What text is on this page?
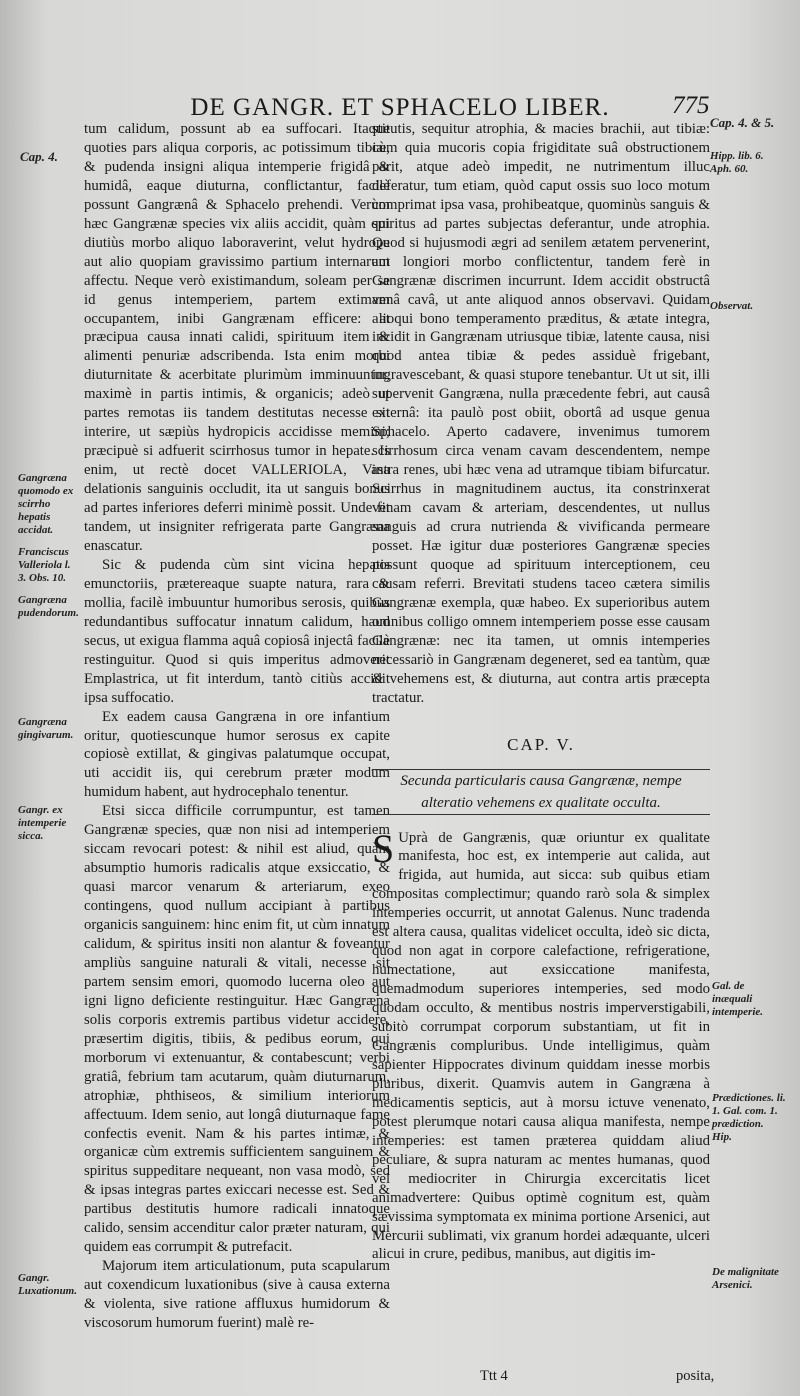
DE GANGR. ET SPHACELO LIBER.	775
Cap. 4.
Gangræna quomodo ex scirrho hepatis accidat.
Franciscus Valleriola l. 3. Obs. 10.
Gangræna pudendorum.
Gangræna gingivarum.
Gangr. ex intemperie sicca.
Gangr. Luxationum.
Cap. 4. & 5.
Hipp. lib. 6. Aph. 60.
Observat.
Gal. de inæquali intemperie.
Prædictiones. li. 1. Gal. com. 1. prædiction. Hip.
De malignitate Arsenici.

tum calidum, possunt ab ea suffocari. Itaque quoties pars aliqua corporis, ac potissimum tibiæ, & pudenda insigni aliqua intemperie frigidâ & humidâ, eaque diuturna, conflictantur, facilè possunt Gangrænâ & Sphacelo prehendi. Verùm hæc Gangrænæ species vix aliis accidit, quàm qui diutiùs morbo aliquo laboraverint, velut hydrope aut alio quopiam gravissimo partium internarum affectu. Neque verò existimandum, soleam per se id genus intemperiem, partem extimam occupantem, inibi Gangrænam efficere: at præcipua causa innati calidi, spirituum item & alimenti penuriæ adscribenda. Ista enim morbi diuturnitate & acerbitate plurimùm imminuuntur, maximè in partis intimis, & organicis; adeò ut partes remotas iis tandem destitutas necesse sit interire, ut sæpiùs hydropicis accidisse memini; præcipuè si adfuerit scirrhosus tumor in hepate. Is enim, ut rectè docet VALLERIOLA, Vasa delationis sanguinis occludit, ita ut sanguis bonus ad partes inferiores deferri minimè possit. Unde fit tandem, ut insigniter refrigerata parte Gangræna enascatur.

Sic & pudenda cùm sint vicina hepatis emunctoriis, prætereaque suapte natura, rara & mollia, facilè imbuuntur humoribus serosis, quibus redundantibus suffocatur innatum calidum, haud secus, ut exigua flamma aquâ copiosâ injectâ facilè restinguitur. Quod si quis imperitus admoverit Emplastrica, ut fit interdum, tantò citiùs accidit ipsa suffocatio.

Ex eadem causa Gangræna in ore infantium oritur, quotiescunque humor serosus ex capite copiosè extillat, & gingivas palatumque occupat, uti accidit iis, qui cerebrum præter modum humidum habent, aut hydrocephalo tenentur.

Etsi sicca difficile corrumpuntur, est tamen Gangrænæ species, quæ non nisi ad intemperiem siccam revocari potest: & nihil est aliud, quàm absumptio humoris radicalis atque exsiccatio, & quasi marcor venarum & arteriarum, exeo contingens, quod nullum accipiant à partibus organicis sanguinem: hinc enim fit, ut cùm innatum calidum, & spiritus insiti non alantur & foveantur ampliùs sanguine naturali & vitali, necesse sit partem sensim emori, quomodo lucerna oleo aut igni ligno deficiente restinguitur. Hæc Gangræna solis corporis extremis partibus videtur accidere, præsertim digitis, tibiis, & pedibus eorum, qui morborum vi extenuantur, & contabescunt; verbi gratiâ, febrium tam acutarum, quàm diuturnarum, atrophiæ, phthiseos, & similium interiorum affectuum. Idem senio, aut longâ diuturnaque fame confectis evenit. Nam & his partes intimæ, & organicæ cùm extremis sufficientem sanguinem & spiritus suppeditare nequeant, non vasa modò, sed & ipsas integras partes exiccari necesse est. Sed & partibus destitutis humore radicali innatoque calido, sensim accenditur calor præter naturam, qui quidem eas corrumpit & putrefacit.

Majorum item articulationum, puta scapularum aut coxendicum luxationibus (sive à causa externa & violenta, sive ratione affluxus humidorum & viscosorum humorum fuerint) malè re-

stitutis, sequitur atrophia, & macies brachii, aut tibiæ: cùm quia mucoris copia frigiditate suâ obstructionem parit, atque adeò impedit, ne nutrimentum illuc deferatur, tum etiam, quòd caput ossis suo loco motum comprimat ipsa vasa, prohibeatque, quominùs sanguis & spiritus ad partes subjectas deferantur, unde atrophia. Quod si hujusmodi ægri ad senilem ætatem pervenerint, aut longiori morbo conflictentur, tandem ferè in Gangrænæ discrimen incurrunt. Idem accidit obstructâ venâ cavâ, ut ante aliquod annos observavi. Quidam alioqui bono temperamento præditus, & ætate integra, incidit in Gangrænam utriusque tibiæ, latente causa, nisi quod antea tibiæ & pedes assiduè frigebant, ingravescebant, & quasi stupore tenebantur. Ut ut sit, illi supervenit Gangræna, nulla præcedente febri, aut causâ externâ: ita paulò post obiit, obortâ ad usque genua Sphacelo. Aperto cadavere, invenimus tumorem scirrhosum circa venam cavam descendentem, nempe intra renes, ubi hæc vena ad utramque tibiam bifurcatur. Scirrhus in magnitudinem auctus, ita constrinxerat venam cavam & arteriam, descendentes, ut nullus sanguis ad crura nutrienda & vivificanda permeare posset. Hæ igitur duæ posteriores Gangrænæ species possunt quoque ad spirituum interceptionem, ceu causam referri. Brevitati studens taceo cætera similis Gangrænæ exempla, quæ habeo. Ex superioribus autem omnibus colligo omnem intemperiem posse esse causam Gangrænæ: nec ita tamen, ut omnis intemperies necessariò in Gangrænam degeneret, sed ea tantùm, quæ & vehemens est, & diuturna, aut contra artis præcepta tractatur.

CAP. V.
Secunda particularis causa Gangrænæ, nempe alteratio vehemens ex qualitate occulta.

S Uprà de Gangrænis, quæ oriuntur ex qualitate manifesta, hoc est, ex intemperie aut calida, aut frigida, aut humida, aut sicca: sub quibus etiam compositas complectimur; quando rarò sola & simplex intemperies occurrit, ut annotat Galenus. Nunc tradenda est altera causa, qualitas videlicet occulta, ideò sic dicta, quod non agat in corpore calefactione, refrigeratione, humectatione, aut exsiccatione manifesta, quemadmodum superiores intemperies, sed modo quodam occulto, & mentibus nostris imperverstigabili, subitò corrumpat corporum substantiam, ut fit in Gangrænis compluribus. Unde intelligimus, quàm sapienter Hippocrates divinum quiddam inesse morbis pluribus, dixerit. Quamvis autem in Gangræna à medicamentis septicis, aut à morsu ictuve venenato, potest plerumque notari causa aliqua manifesta, nempe intemperies: est tamen præterea quiddam aliud peculiare, & supra naturam ac mentes humanas, quod vel mediocriter in Chirurgia excercitatis licet animadvertere: Quibus optimè cognitum est, quàm sævissima symptomata ex minima portione Arsenici, aut Mercurii sublimati, vix granum hordei adæquante, ulceri alicui in crure, pedibus, manibus, aut digitis im-

Ttt 4	posita,
